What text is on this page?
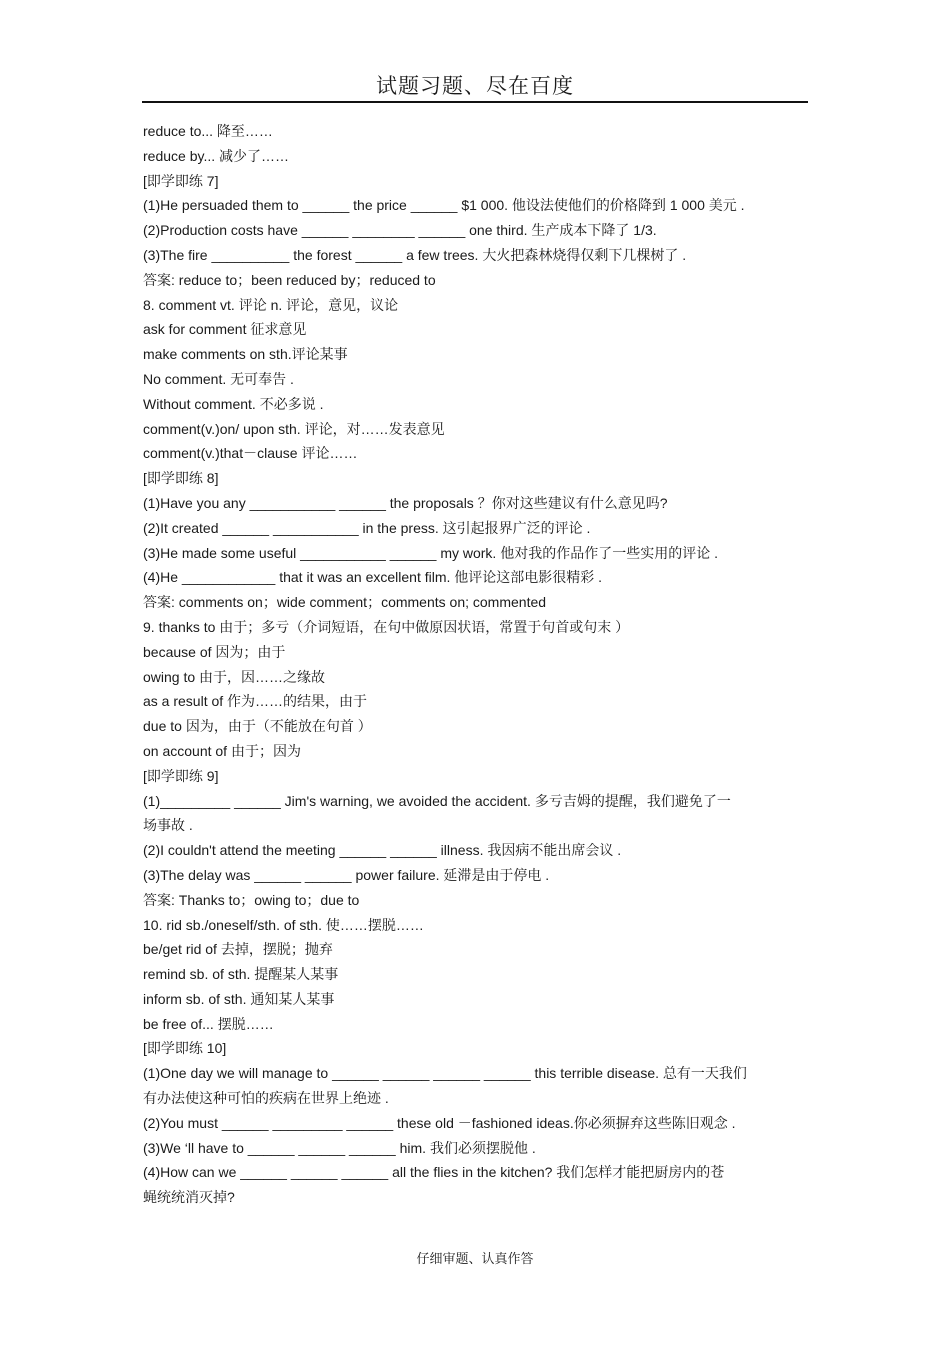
试题习题、尽在百度
reduce to... 降至……
reduce by... 减少了……
[即学即练 7]
(1)He persuaded them to ______ the price ______ $1 000. 他设法使他们的价格降到 1 000 美元 .
(2)Production costs have ______ ________ ______ one third. 生产成本下降了 1/3.
(3)The fire __________ the forest ______ a few trees. 大火把森林烧得仅剩下几棵树了 .
答案: reduce to；been reduced by；reduced to
8. comment vt. 评论 n. 评论，意见，议论
ask for comment 征求意见
make comments on sth.评论某事
No comment. 无可奉告 .
Without comment. 不必多说 .
comment(v.)on/ upon sth. 评论，对……发表意见
comment(v.)that－clause 评论……
[即学即练 8]
(1)Have you any ___________ ______ the proposals ？你对这些建议有什么意见吗?
(2)It created ______ ___________ in the press. 这引起报界广泛的评论 .
(3)He made some useful ___________ ______ my work. 他对我的作品作了一些实用的评论 .
(4)He ____________ that it was an excellent film. 他评论这部电影很精彩 .
答案: comments on；wide comment；comments on; commented
9. thanks to 由于；多亏（介词短语，在句中做原因状语，常置于句首或句末 ）
because of 因为；由于
owing to 由于，因……之缘故
as a result of 作为……的结果，由于
due to 因为，由于（不能放在句首 ）
on account of 由于；因为
[即学即练 9]
(1)_________ ______ Jim's warning, we avoided the accident. 多亏吉姆的提醒，我们避免了一
场事故 .
(2)I couldn't attend the meeting ______ ______ illness. 我因病不能出席会议 .
(3)The delay was ______ ______ power failure. 延滞是由于停电 .
答案: Thanks to；owing to；due to
10. rid sb./oneself/sth. of sth. 使……摆脱……
be/get rid of 去掉，摆脱；抛弃
remind sb. of sth. 提醒某人某事
inform sb. of sth. 通知某人某事
be free of... 摆脱……
[即学即练 10]
(1)One day we will manage to ______ ______ ______ ______ this terrible disease. 总有一天我们
有办法使这种可怕的疾病在世界上绝迹 .
(2)You must ______ _________ ______ these old －fashioned ideas.你必须摒弃这些陈旧观念 .
(3)We ‘ll have to ______ ______ ______ him. 我们必须摆脱他 .
(4)How can we ______ ______ ______ all the flies in the kitchen? 我们怎样才能把厨房内的苍
蝇统统消灭掉?
仔细审题、认真作答
